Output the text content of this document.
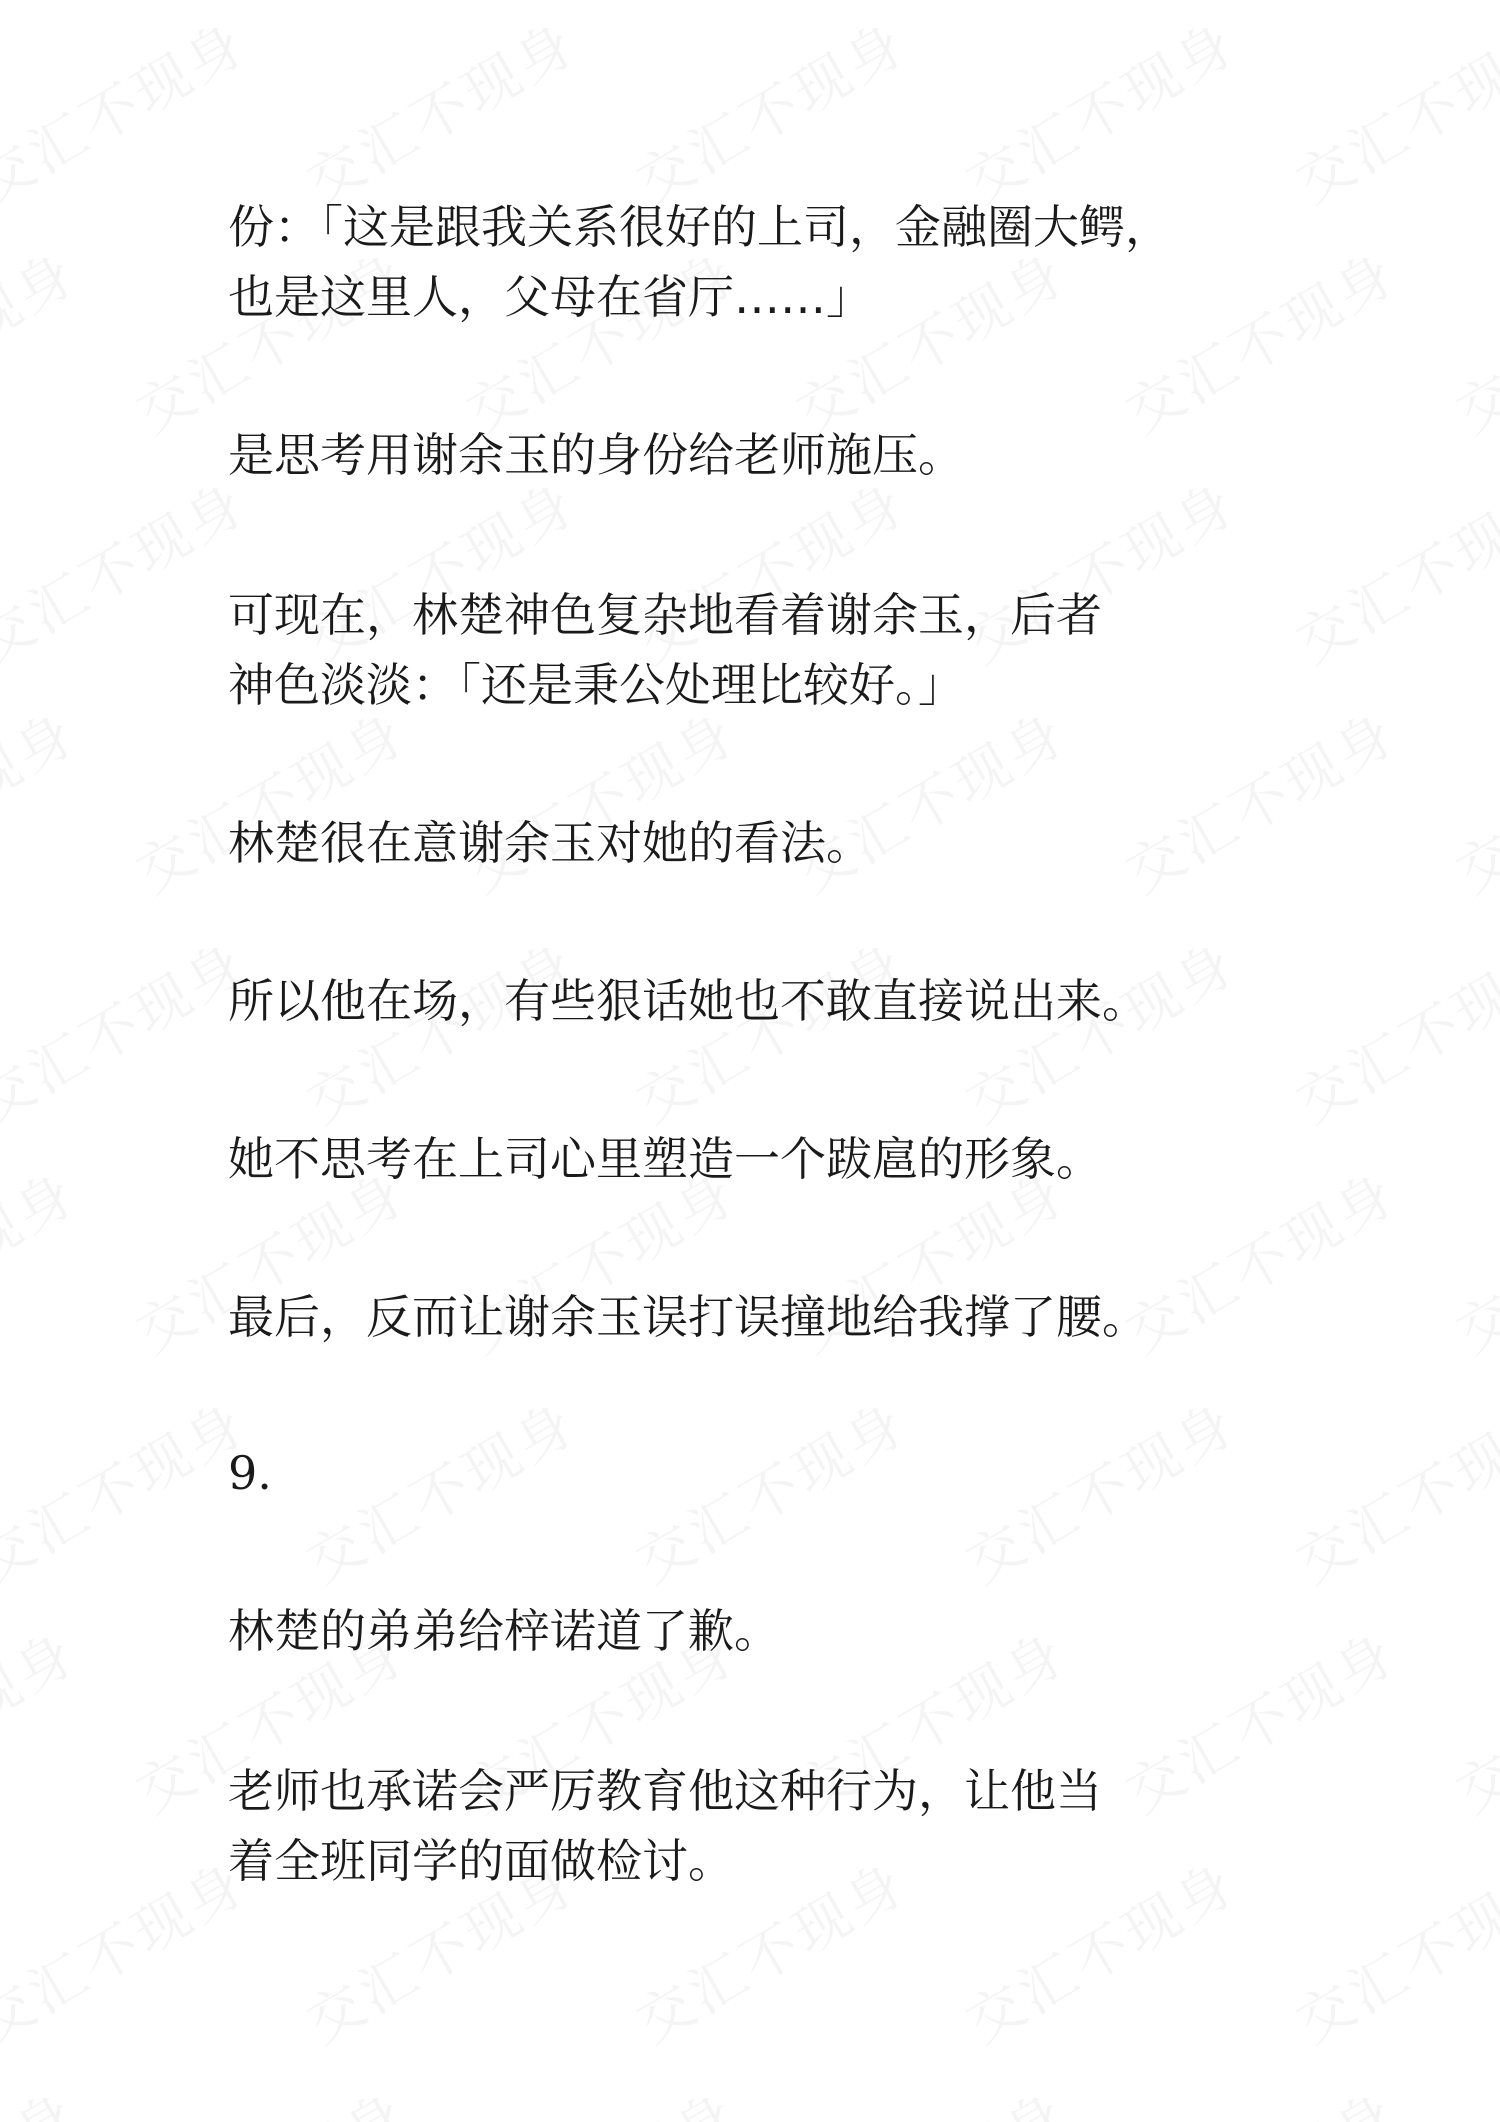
份：「这是跟我关系很好的上司，金融圈大鳄，
也是这里人，父母在省厅……」

是思考用谢余玉的身份给老师施压。

可现在，林楚神色复杂地看着谢余玉，后者
神色淡淡：「还是秉公处理比较好。」

林楚很在意谢余玉对她的看法。

所以他在场，有些狠话她也不敢直接说出来。

她不思考在上司心里塑造一个跋扈的形象。

最后，反而让谢余玉误打误撞地给我撑了腰。

9.

林楚的弟弟给梓诺道了歉。

老师也承诺会严厉教育他这种行为，让他当
着全班同学的面做检讨。
